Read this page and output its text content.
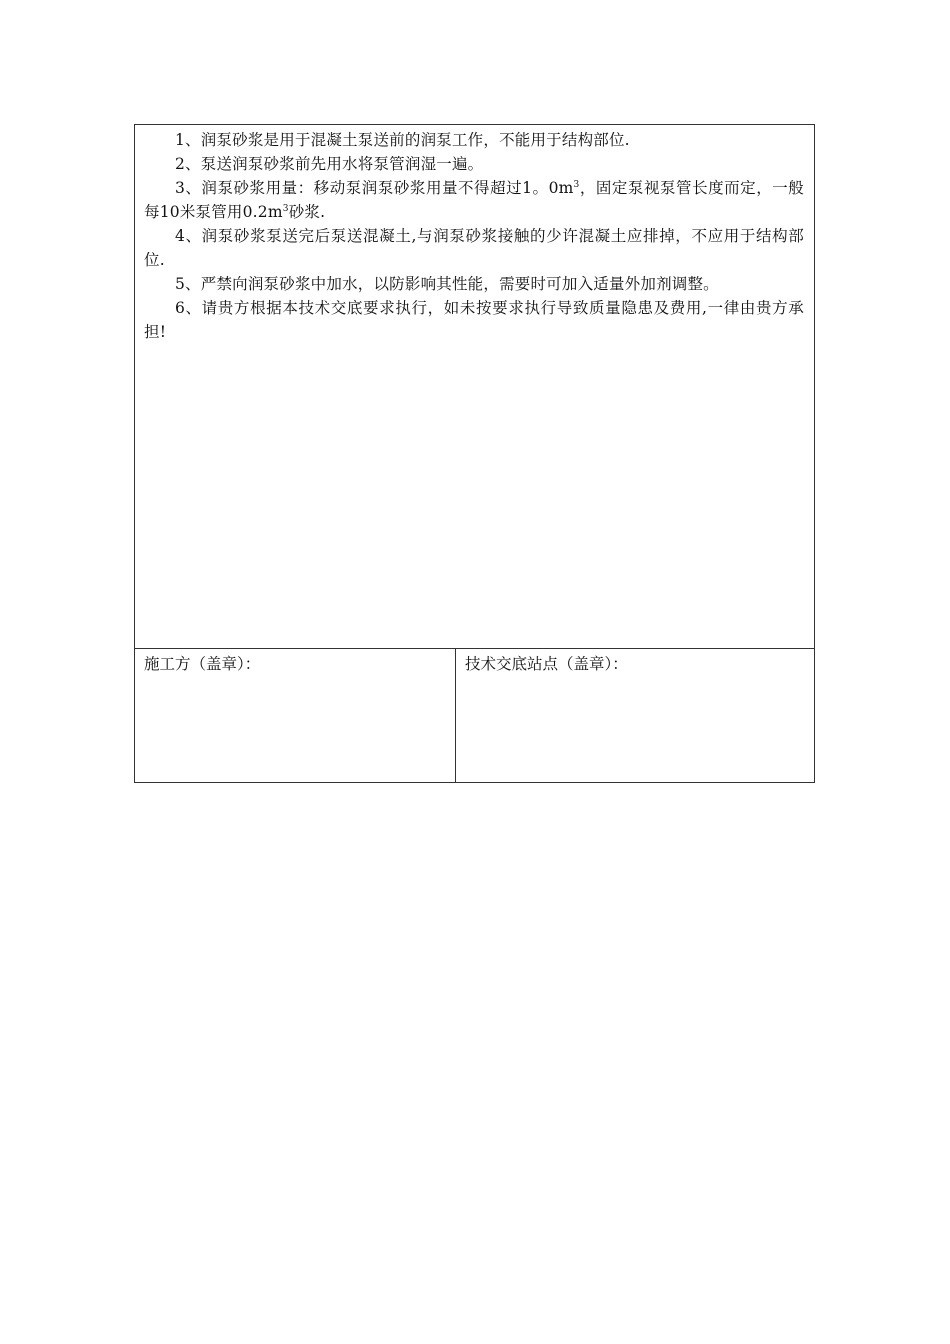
1、润泵砂浆是用于混凝土泵送前的润泵工作，不能用于结构部位.

2、泵送润泵砂浆前先用水将泵管润湿一遍。

3、润泵砂浆用量：移动泵润泵砂浆用量不得超过1。$0m^3$，固定泵视泵管长度而定，一般每10米泵管用$0.2m^3$砂浆.

4、润泵砂浆泵送完后泵送混凝土,与润泵砂浆接触的少许混凝土应排掉，不应用于结构部位.

5、严禁向润泵砂浆中加水，以防影响其性能，需要时可加入适量外加剂调整。

6、请贵方根据本技术交底要求执行，如未按要求执行导致质量隐患及费用,一律由贵方承担!

施工方（盖章）：	技术交底站点（盖章）：
